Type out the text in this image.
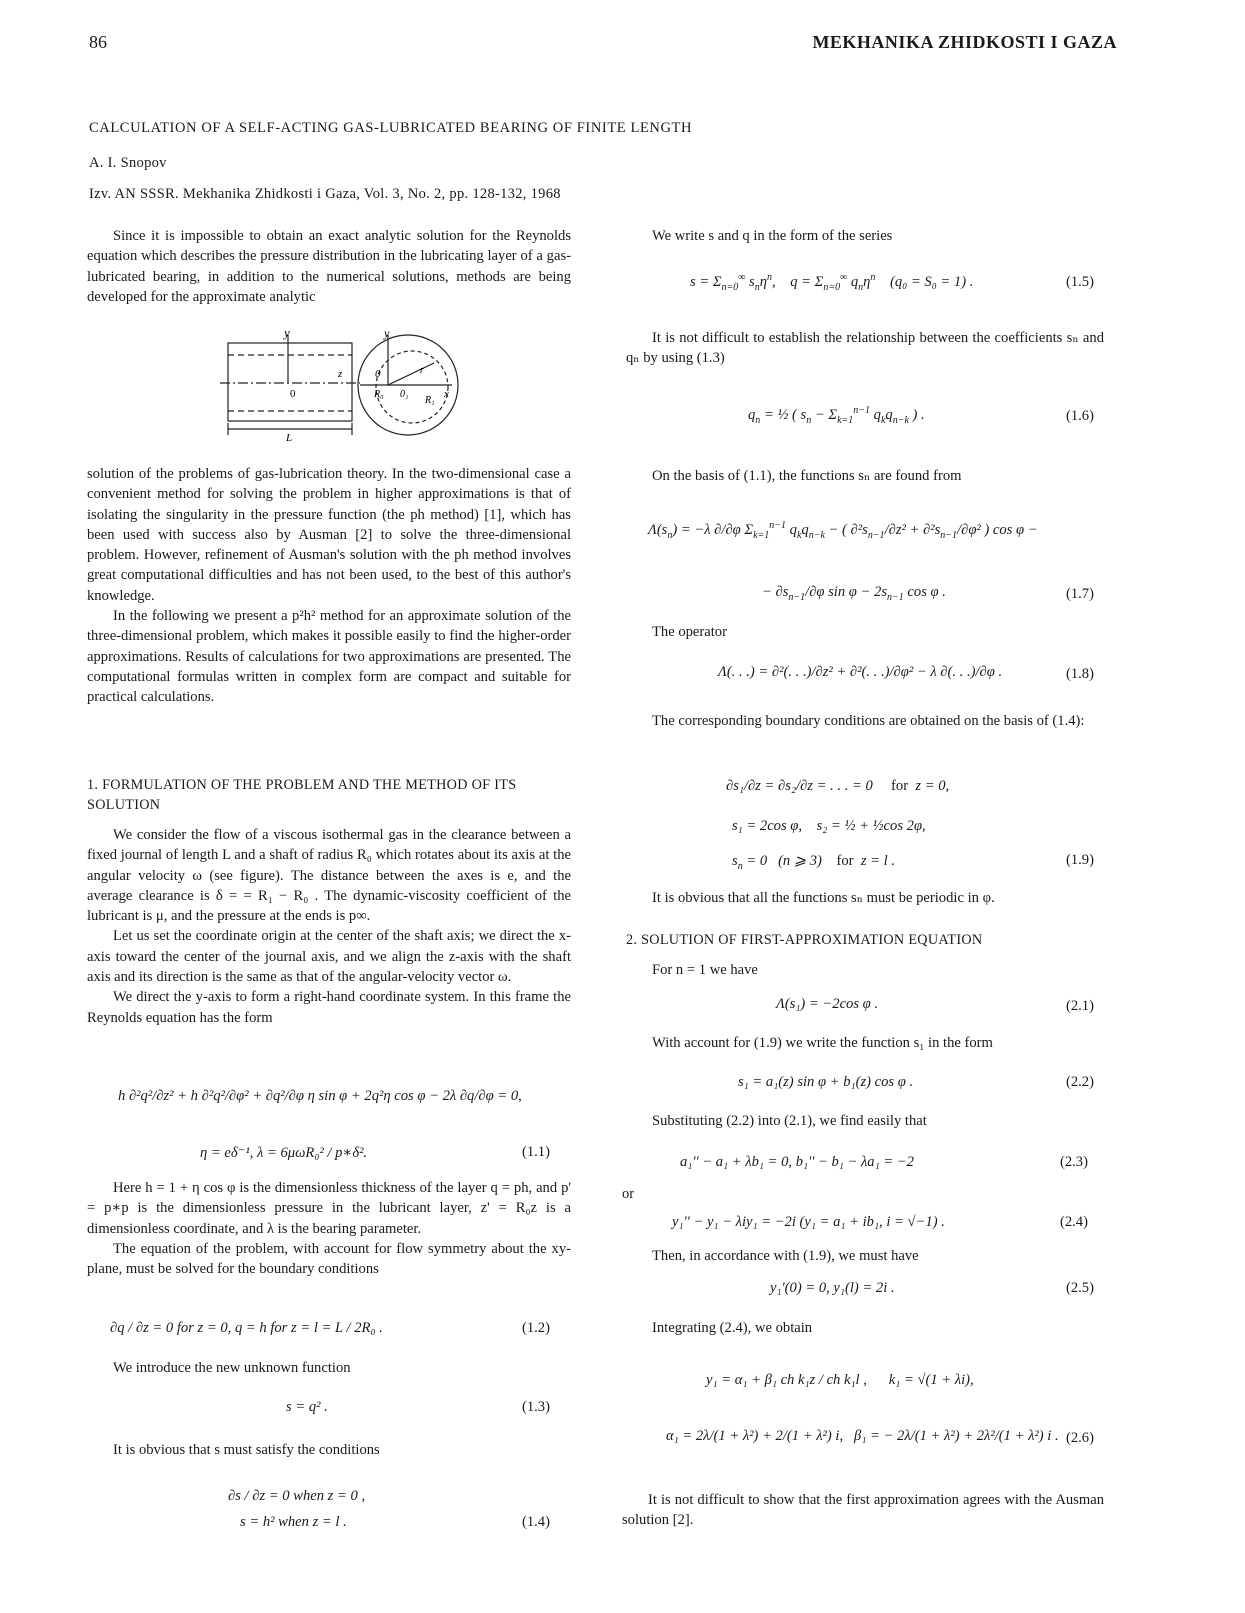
86	MEKHANIKA ZHIDKOSTI I GAZA
CALCULATION OF A SELF-ACTING GAS-LUBRICATED BEARING OF FINITE LENGTH
A. I. Snopov
Izv. AN SSSR. Mekhanika Zhidkosti i Gaza, Vol. 3, No. 2, pp. 128-132, 1968

Since it is impossible to obtain an exact analytic solution for the Reynolds equation which describes the pressure distribution in the lubricating layer of a gas-lubricated bearing, in addition to the numerical solutions, methods are being developed for the approximate analytic

y	y
z
0
0
R₀ 0₁
r
R₁
x
L

solution of the problems of gas-lubrication theory. In the two-dimensional case a convenient method for solving the problem in higher approximations is that of isolating the singularity in the pressure function (the ph method) [1], which has been used with success also by Ausman [2] to solve the three-dimensional problem. However, refinement of Ausman's solution with the ph method involves great computational difficulties and has not been used, to the best of this author's knowledge.

In the following we present a p²h² method for an approximate solution of the three-dimensional problem, which makes it possible easily to find the higher-order approximations. Results of calculations for two approximations are presented. The computational formulas written in complex form are compact and suitable for practical calculations.

1. FORMULATION OF THE PROBLEM AND THE METHOD OF ITS SOLUTION

We consider the flow of a viscous isothermal gas in the clearance between a fixed journal of length L and a shaft of radius R₀ which rotates about its axis at the angular velocity ω (see figure). The distance between the axes is e, and the average clearance is δ = = R₁ − R₀ . The dynamic-viscosity coefficient of the lubricant is μ, and the pressure at the ends is p∞.

Let us set the coordinate origin at the center of the shaft axis; we direct the x-axis toward the center of the journal axis, and we align the z-axis with the shaft axis and its direction is the same as that of the angular-velocity vector ω.

We direct the y-axis to form a right-hand coordinate system. In this frame the Reynolds equation has the form

h ∂²q²/∂z² + h ∂²q²/∂φ² + ∂q²/∂φ η sin φ + 2q²η cos φ − 2λ ∂q/∂φ = 0,
η = eδ⁻¹, λ = 6μωR₀² / p∗δ².	(1.1)

Here h = 1 + η cos φ is the dimensionless thickness of the layer q = ph, and p' = p∗p is the dimensionless pressure in the lubricant layer, z' = R₀z is a dimensionless coordinate, and λ is the bearing parameter.

The equation of the problem, with account for flow symmetry about the xy-plane, must be solved for the boundary conditions

∂q / ∂z = 0 for z = 0, q = h for z = l = L / 2R₀ .	(1.2)

We introduce the new unknown function

s = q² .	(1.3)

It is obvious that s must satisfy the conditions

∂s / ∂z = 0 when z = 0 ,
s = h² when z = l .	(1.4)

We write s and q in the form of the series

$s = \Sigma_{n=0}^\infty$ $s_n\eta^n$,    $q = \Sigma_{n=0}^\infty$ $q_n\eta^n$    (q₀ = S₀ = 1) .	(1.5)

It is not difficult to establish the relationship between the coefficients sₙ and qₙ by using (1.3)

$q_n$ = ½ ( $s_n - \Sigma_{k=1}^{n-1}$ $q_kq_{n-k}$ ) .	(1.6)

On the basis of (1.1), the functions sₙ are found from

$\Lambda(s_n) = -\lambda$ ∂/∂φ $\Sigma_{k=1}^{n-1}$ $q_kq_{n-k}$ − ( $\partial^2s_{n-1}/\partial z^2 + \partial^2s_{n-1}/\partial\varphi^2$ ) cos φ −
− $\partial s_{n-1}/\partial\varphi$ $\sin \varphi - 2s_{n-1}$ cos φ .	(1.7)

The operator

Λ(. . .) = ∂²(. . .)/∂z² + ∂²(. . .)/∂φ² − λ ∂(. . .)/∂φ .	(1.8)

The corresponding boundary conditions are obtained on the basis of (1.4):

∂s₁/∂z = ∂s₂/∂z = . . . = 0     for  z = 0,
s₁ = 2cos φ,    s₂ = ½ + ½cos 2φ,
$s_n = 0$   (n ⩾ 3)    for  z = l .	(1.9)

It is obvious that all the functions sₙ must be periodic in φ.

2. SOLUTION OF FIRST-APPROXIMATION EQUATION

For n = 1 we have

Λ(s₁) = −2cos φ .	(2.1)

With account for (1.9) we write the function s₁ in the form

s₁ = a₁(z) sin φ + b₁(z) cos φ .	(2.2)

Substituting (2.2) into (2.1), we find easily that

a₁'' − a₁ + λb₁ = 0, b₁'' − b₁ − λa₁ = −2	(2.3)
or
y₁'' − y₁ − λiy₁ = −2i (y₁ = a₁ + ib₁, i = √−1) .	(2.4)

Then, in accordance with (1.9), we must have

y₁'(0) = 0, y₁(l) = 2i .	(2.5)

Integrating (2.4), we obtain

y₁ = α₁ + β₁ ch k₁z / ch k₁l ,      k₁ = √(1 + λi),
α₁ = 2λ/(1 + λ²) + 2/(1 + λ²) i,   β₁ = − 2λ/(1 + λ²) + 2λ²/(1 + λ²) i . (2.6)

It is not difficult to show that the first approximation agrees with the Ausman solution [2].
